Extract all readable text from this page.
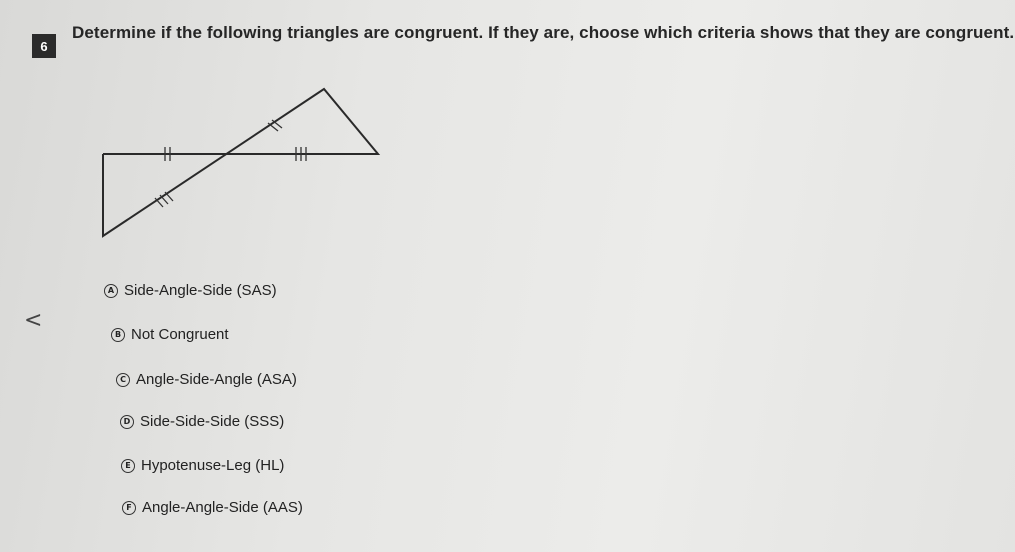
6
Determine if the following triangles are congruent. If they are, choose which criteria shows that they are congruent.
<
A Side-Angle-Side (SAS)
B Not Congruent
C Angle-Side-Angle (ASA)
D Side-Side-Side (SSS)
E Hypotenuse-Leg (HL)
F Angle-Angle-Side (AAS)
